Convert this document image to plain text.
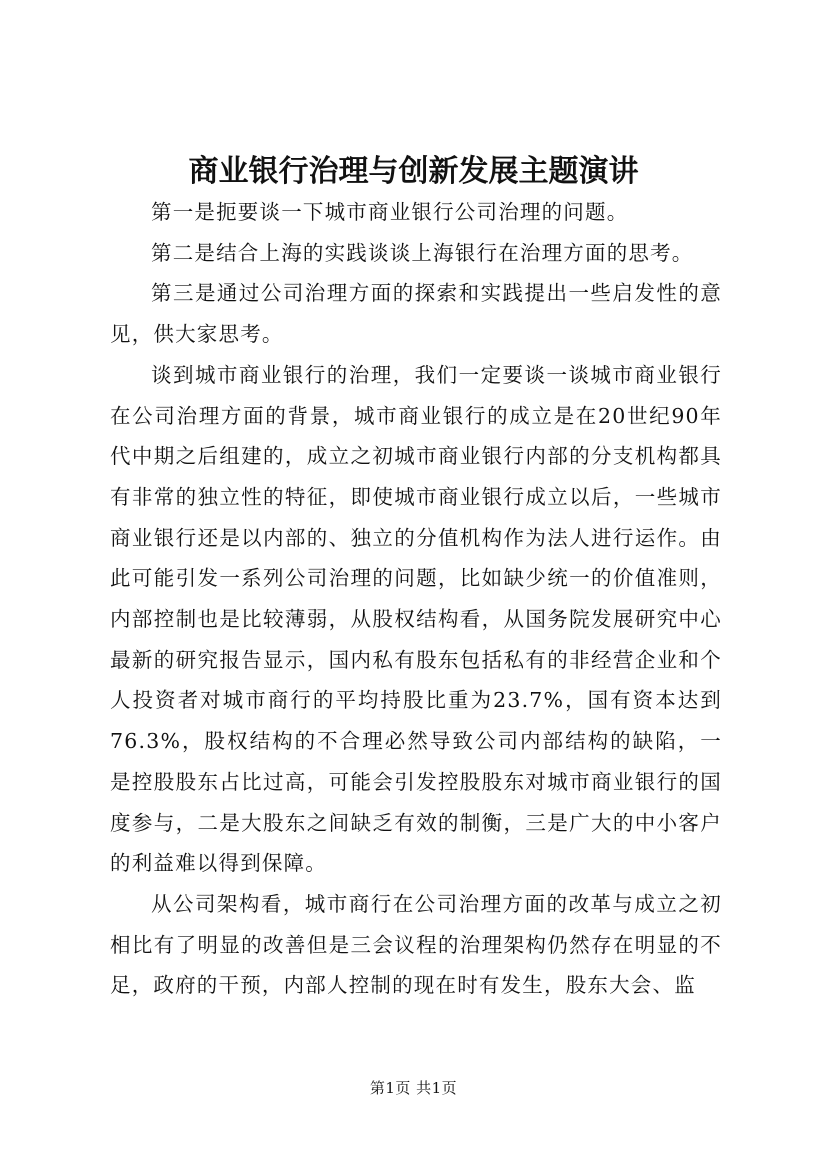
商业银行治理与创新发展主题演讲

第一是扼要谈一下城市商业银行公司治理的问题。

第二是结合上海的实践谈谈上海银行在治理方面的思考。

第三是通过公司治理方面的探索和实践提出一些启发性的意见，供大家思考。

谈到城市商业银行的治理，我们一定要谈一谈城市商业银行在公司治理方面的背景，城市商业银行的成立是在20世纪90年代中期之后组建的，成立之初城市商业银行内部的分支机构都具有非常的独立性的特征，即使城市商业银行成立以后，一些城市商业银行还是以内部的、独立的分值机构作为法人进行运作。由此可能引发一系列公司治理的问题，比如缺少统一的价值准则，内部控制也是比较薄弱，从股权结构看，从国务院发展研究中心最新的研究报告显示，国内私有股东包括私有的非经营企业和个人投资者对城市商行的平均持股比重为23.7%，国有资本达到76.3%，股权结构的不合理必然导致公司内部结构的缺陷，一是控股股东占比过高，可能会引发控股股东对城市商业银行的国度参与，二是大股东之间缺乏有效的制衡，三是广大的中小客户的利益难以得到保障。

从公司架构看，城市商行在公司治理方面的改革与成立之初相比有了明显的改善但是三会议程的治理架构仍然存在明显的不足，政府的干预，内部人控制的现在时有发生，股东大会、监

第1页 共1页
